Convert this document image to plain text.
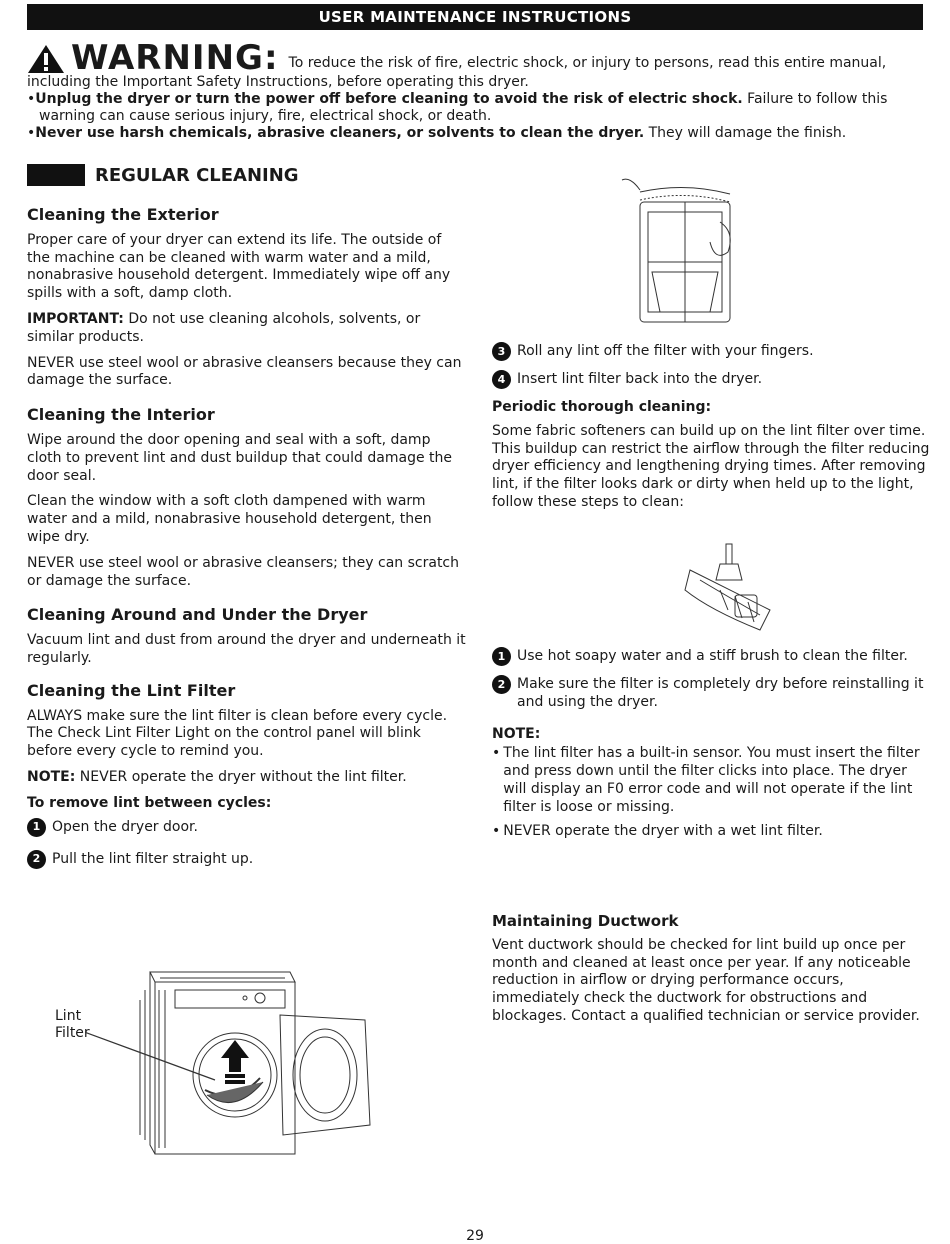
USER MAINTENANCE INSTRUCTIONS
WARNING: To reduce the risk of fire, electric shock, or injury to persons, read this entire manual,

including the Important Safety Instructions, before operating this dryer.

•Unplug the dryer or turn the power off before cleaning to avoid the risk of electric shock. Failure to follow this

warning can cause serious injury, fire, electrical shock, or death.

•Never use harsh chemicals, abrasive cleaners, or solvents to clean the dryer. They will damage the finish.

REGULAR CLEANING
Cleaning the Exterior

Proper care of your dryer can extend its life. The outside of the machine can be cleaned with warm water and a mild, nonabrasive household detergent. Immediately wipe off any spills with a soft, damp cloth.

IMPORTANT: Do not use cleaning alcohols, solvents, or similar products.

NEVER use steel wool or abrasive cleansers because they can damage the surface.

Cleaning the Interior

Wipe around the door opening and seal with a soft, damp cloth to prevent lint and dust buildup that could damage the door seal.

Clean the window with a soft cloth dampened with warm water and a mild, nonabrasive household detergent, then wipe dry.

NEVER use steel wool or abrasive cleansers; they can scratch or damage the surface.

Cleaning Around and Under the Dryer

Vacuum lint and dust from around the dryer and underneath it regularly.

Cleaning the Lint Filter

ALWAYS make sure the lint filter is clean before every cycle. The Check Lint Filter Light on the control panel will blink before every cycle to remind you.

NOTE: NEVER operate the dryer without the lint filter.

To remove lint between cycles:
1 Open the dryer door.
2 Pull the lint filter straight up.
Lint
Filter
3 Roll any lint off the filter with your fingers.
4 Insert lint filter back into the dryer.
Periodic thorough cleaning:

Some fabric softeners can build up on the lint filter over time. This buildup can restrict the airflow through the filter reducing dryer efficiency and lengthening drying times. After removing lint, if the filter looks dark or dirty when held up to the light, follow these steps to clean:

1 Use hot soapy water and a stiff brush to clean the filter.
2 Make sure the filter is completely dry before reinstalling it and using the dryer.
NOTE:
• The lint filter has a built-in sensor. You must insert the filter and press down until the filter clicks into place. The dryer will display an F0 error code and will not operate if the lint filter is loose or missing.
• NEVER operate the dryer with a wet lint filter.
Maintaining Ductwork

Vent ductwork should be checked for lint build up once per month and cleaned at least once per year. If any noticeable reduction in airflow or drying performance occurs, immediately check the ductwork for obstructions and blockages. Contact a qualified technician or service provider.

29
